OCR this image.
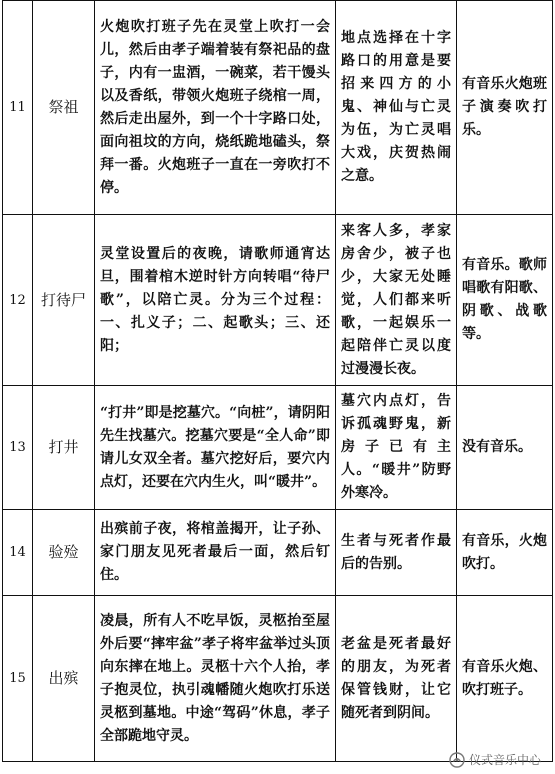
11	祭祖	火炮吹打班子先在灵堂上吹打一会儿，然后由孝子端着装有祭祀品的盘子，内有一盅酒，一碗菜，若干馒头以及香纸，带领火炮班子绕棺一周，然后走出屋外，到一个十字路口处，面向祖坟的方向，烧纸跪地磕头，祭拜一番。火炮班子一直在一旁吹打不停。	地点选择在十字路口的用意是要招来四方的小鬼、神仙与亡灵为伍，为亡灵唱大戏，庆贺热闹之意。	有音乐火炮班子演奏吹打乐。
12	打待尸	灵堂设置后的夜晚，请歌师通宵达旦，围着棺木逆时针方向转唱“待尸歌”，以陪亡灵。分为三个过程：一、扎义子；二、起歌头；三、还阳；	来客人多，孝家房舍少，被子也少，大家无处睡觉，人们都来听歌，一起娱乐一起陪伴亡灵以度过漫漫长夜。	有音乐。歌师唱歌有阳歌、阴歌、战歌等。
13	打井	“打井”即是挖墓穴。“向桩”，请阴阳先生找墓穴。挖墓穴要是“全人命”即请儿女双全者。墓穴挖好后，要穴内点灯，还要在穴内生火，叫“暖井”。	墓穴内点灯，告诉孤魂野鬼，新房子已有主人。“暖井”防野外寒冷。	没有音乐。
14	验殓	出殡前子夜，将棺盖揭开，让子孙、家门朋友见死者最后一面，然后钉住。	生者与死者作最后的告别。	有音乐，火炮吹打。
15	出殡	凌晨，所有人不吃早饭，灵柩抬至屋外后要“摔牢盆”孝子将牢盆举过头顶向东摔在地上。灵柩十六个人抬，孝子抱灵位，执引魂幡随火炮吹打乐送灵柩到墓地。中途“驾码”休息，孝子全部跪地守灵。	老盆是死者最好的朋友，为死者保管钱财，让它随死者到阴间。	有音乐火炮、吹打班子。
仪式音乐中心
